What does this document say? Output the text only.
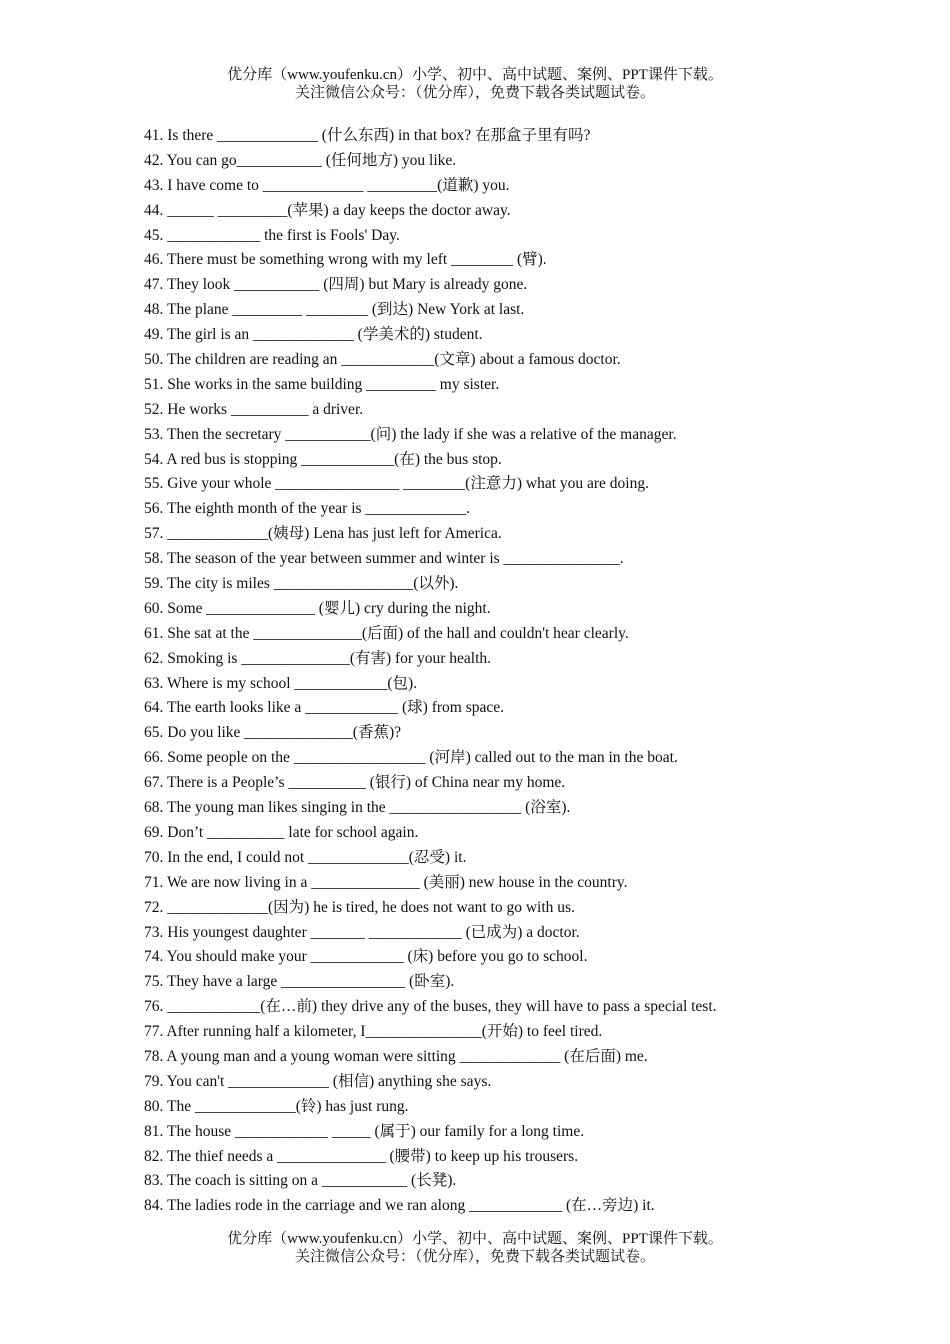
优分库（www.youfenku.cn）小学、初中、高中试题、案例、PPT课件下载。
关注微信公众号：（优分库），免费下载各类试题试卷。
41. Is there _____________ (什么东西) in that box? 在那盒子里有吗?
42. You can go___________ (任何地方) you like.
43. I have come to _____________ _________(道歉) you.
44. ______ _________(苹果) a day keeps the doctor away.
45. ____________ the first is Fools' Day.
46. There must be something wrong with my left ________ (臂).
47. They look ___________ (四周) but Mary is already gone.
48. The plane _________ ________ (到达) New York at last.
49. The girl is an _____________ (学美术的) student.
50. The children are reading an ____________(文章) about a famous doctor.
51. She works in the same building _________ my sister.
52. He works __________ a driver.
53. Then the secretary ___________(问) the lady if she was a relative of the manager.
54. A red bus is stopping ____________(在) the bus stop.
55. Give your whole ________________ ________(注意力) what you are doing.
56. The eighth month of the year is _____________.
57. _____________(姨母) Lena has just left for America.
58. The season of the year between summer and winter is _______________.
59. The city is miles __________________(以外).
60. Some ______________ (婴儿) cry during the night.
61. She sat at the ______________(后面) of the hall and couldn't hear clearly.
62. Smoking is ______________(有害) for your health.
63. Where is my school ____________(包).
64. The earth looks like a ____________ (球) from space.
65. Do you like ______________(香蕉)?
66. Some people on the _________________ (河岸) called out to the man in the boat.
67. There is a People’s __________ (银行) of China near my home.
68. The young man likes singing in the _________________ (浴室).
69. Don’t __________ late for school again.
70. In the end, I could not _____________(忍受) it.
71. We are now living in a ______________ (美丽) new house in the country.
72. _____________(因为) he is tired, he does not want to go with us.
73. His youngest daughter _______ ____________ (已成为) a doctor.
74. You should make your ____________ (床) before you go to school.
75. They have a large ________________ (卧室).
76. ____________(在…前) they drive any of the buses, they will have to pass a special test.
77. After running half a kilometer, I_______________(开始) to feel tired.
78. A young man and a young woman were sitting _____________ (在后面) me.
79. You can't _____________ (相信) anything she says.
80. The _____________(铃) has just rung.
81. The house ____________ _____ (属于) our family for a long time.
82. The thief needs a ______________ (腰带) to keep up his trousers.
83. The coach is sitting on a ___________ (长凳).
84. The ladies rode in the carriage and we ran along ____________ (在…旁边) it.
优分库（www.youfenku.cn）小学、初中、高中试题、案例、PPT课件下载。
关注微信公众号：（优分库），免费下载各类试题试卷。
